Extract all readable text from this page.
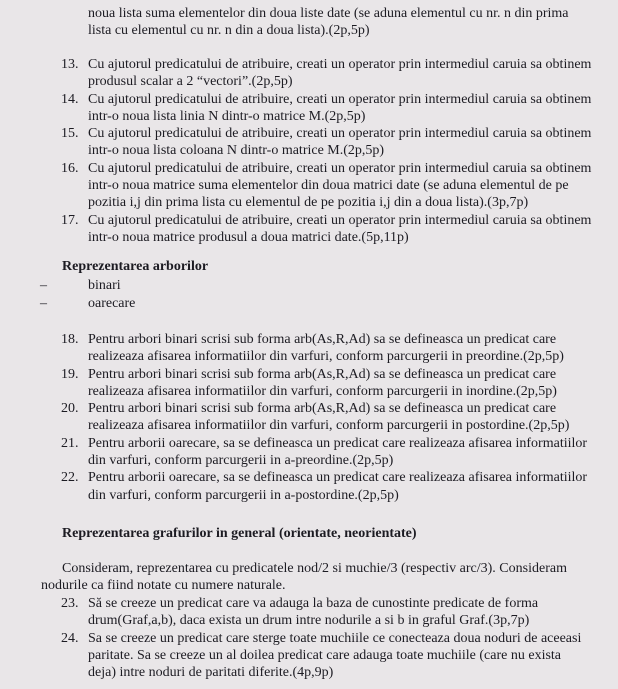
noua lista suma elementelor din doua liste date (se aduna elementul cu nr. n din prima lista cu elementul cu nr. n din a doua lista).(2p,5p)

13. Cu ajutorul predicatului de atribuire, creati un operator prin intermediul caruia sa obtinem produsul scalar a 2 “vectori”.(2p,5p)

14. Cu ajutorul predicatului de atribuire, creati un operator prin intermediul caruia sa obtinem intr-o noua lista linia N dintr-o matrice M.(2p,5p)

15. Cu ajutorul predicatului de atribuire, creati un operator prin intermediul caruia sa obtinem intr-o noua lista coloana N dintr-o matrice M.(2p,5p)

16. Cu ajutorul predicatului de atribuire, creati un operator prin intermediul caruia sa obtinem intr-o noua matrice suma elementelor din doua matrici date (se aduna elementul de pe pozitia i,j din prima lista cu elementul de pe pozitia i,j din a doua lista).(3p,7p)

17. Cu ajutorul predicatului de atribuire, creati un operator prin intermediul caruia sa obtinem intr-o noua matrice produsul a doua matrici date.(5p,11p)

Reprezentarea arborilor

–	binari

–	oarecare

18. Pentru arbori binari scrisi sub forma arb(As,R,Ad) sa se defineasca un predicat care realizeaza afisarea informatiilor din varfuri, conform parcurgerii in preordine.(2p,5p)

19. Pentru arbori binari scrisi sub forma arb(As,R,Ad) sa se defineasca un predicat care realizeaza afisarea informatiilor din varfuri, conform parcurgerii in inordine.(2p,5p)

20. Pentru arbori binari scrisi sub forma arb(As,R,Ad) sa se defineasca un predicat care realizeaza afisarea informatiilor din varfuri, conform parcurgerii in postordine.(2p,5p)

21. Pentru arborii oarecare, sa se defineasca un predicat care realizeaza afisarea informatiilor din varfuri, conform parcurgerii in a-preordine.(2p,5p)

22. Pentru arborii oarecare, sa se defineasca un predicat care realizeaza afisarea informatiilor din varfuri, conform parcurgerii in a-postordine.(2p,5p)

Reprezentarea grafurilor in general (orientate, neorientate)

Consideram, reprezentarea cu predicatele nod/2 si muchie/3 (respectiv arc/3). Consideram nodurile ca fiind notate cu numere naturale.

23. Să se creeze un predicat care va adauga la baza de cunostinte predicate de forma drum(Graf,a,b), daca exista un drum intre nodurile a si b in graful Graf.(3p,7p)

24. Sa se creeze un predicat care sterge toate muchiile ce conecteaza doua noduri de aceeasi paritate. Sa se creeze un al doilea predicat care adauga toate muchiile (care nu exista deja) intre noduri de paritati diferite.(4p,9p)
